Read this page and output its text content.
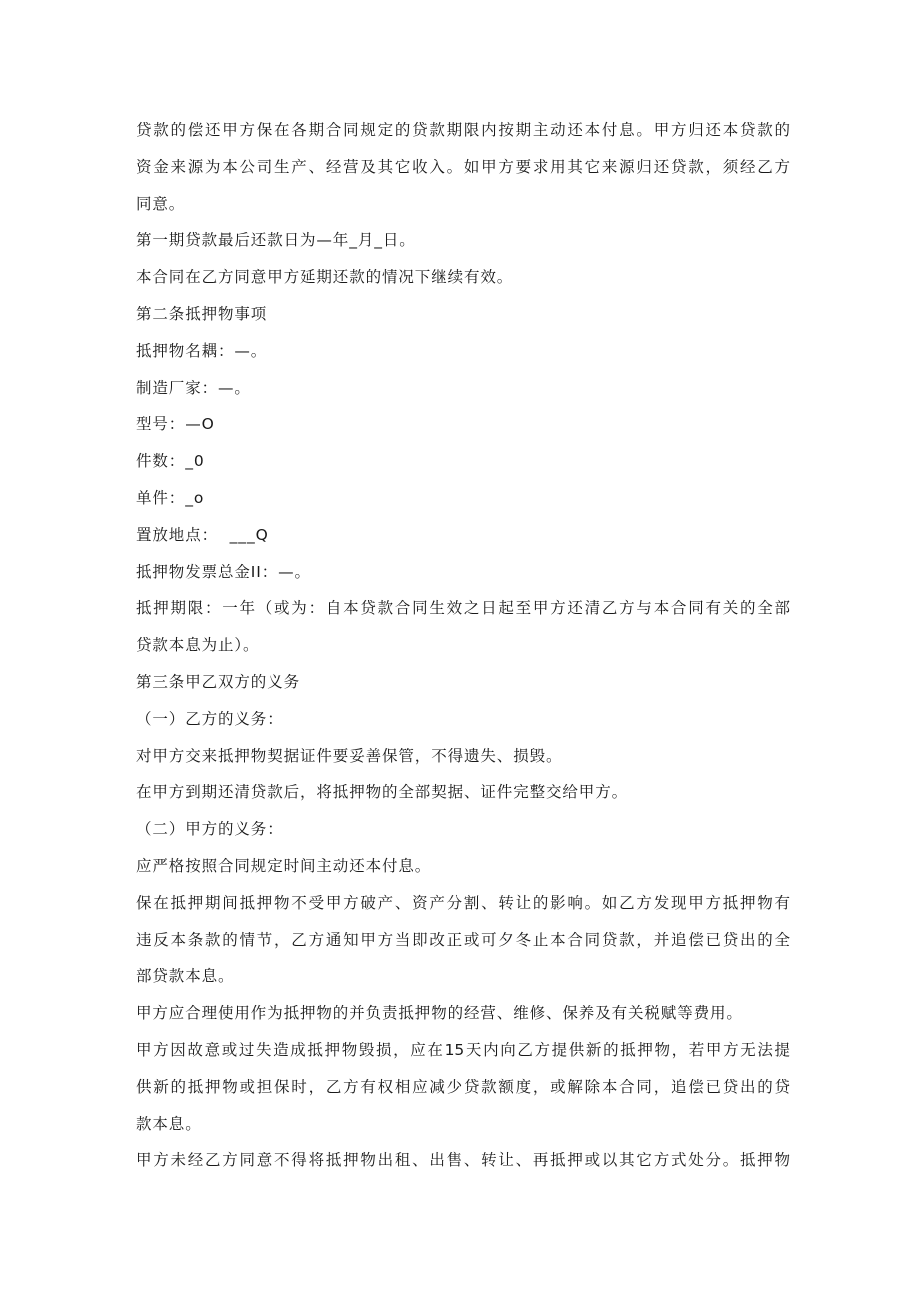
贷款的偿还甲方保在各期合同规定的贷款期限内按期主动还本付息。甲方归还本贷款的
资金来源为本公司生产、经营及其它收入。如甲方要求用其它来源归还贷款，须经乙方
同意。
第一期贷款最后还款日为—年_月_日。
本合同在乙方同意甲方延期还款的情况下继续有效。
第二条抵押物事项
抵押物名耦：—。
制造厂家：—。
型号：—O
件数：_0
单件：_o
置放地点：  ___Q
抵押物发票总金II：—。
抵押期限：一年（或为：自本贷款合同生效之日起至甲方还清乙方与本合同有关的全部
贷款本息为止）。
第三条甲乙双方的义务
（一）乙方的义务：
对甲方交来抵押物契据证件要妥善保管，不得遗失、损毁。
在甲方到期还清贷款后，将抵押物的全部契据、证件完整交给甲方。
（二）甲方的义务：
应严格按照合同规定时间主动还本付息。
保在抵押期间抵押物不受甲方破产、资产分割、转让的影响。如乙方发现甲方抵押物有
违反本条款的情节，乙方通知甲方当即改正或可夕冬止本合同贷款，并追偿已贷出的全
部贷款本息。
甲方应合理使用作为抵押物的并负责抵押物的经营、维修、保养及有关税赋等费用。
甲方因故意或过失造成抵押物毁损，应在15天内向乙方提供新的抵押物，若甲方无法提
供新的抵押物或担保时，乙方有权相应减少贷款额度，或解除本合同，追偿已贷出的贷
款本息。
甲方未经乙方同意不得将抵押物出租、出售、转让、再抵押或以其它方式处分。抵押物
